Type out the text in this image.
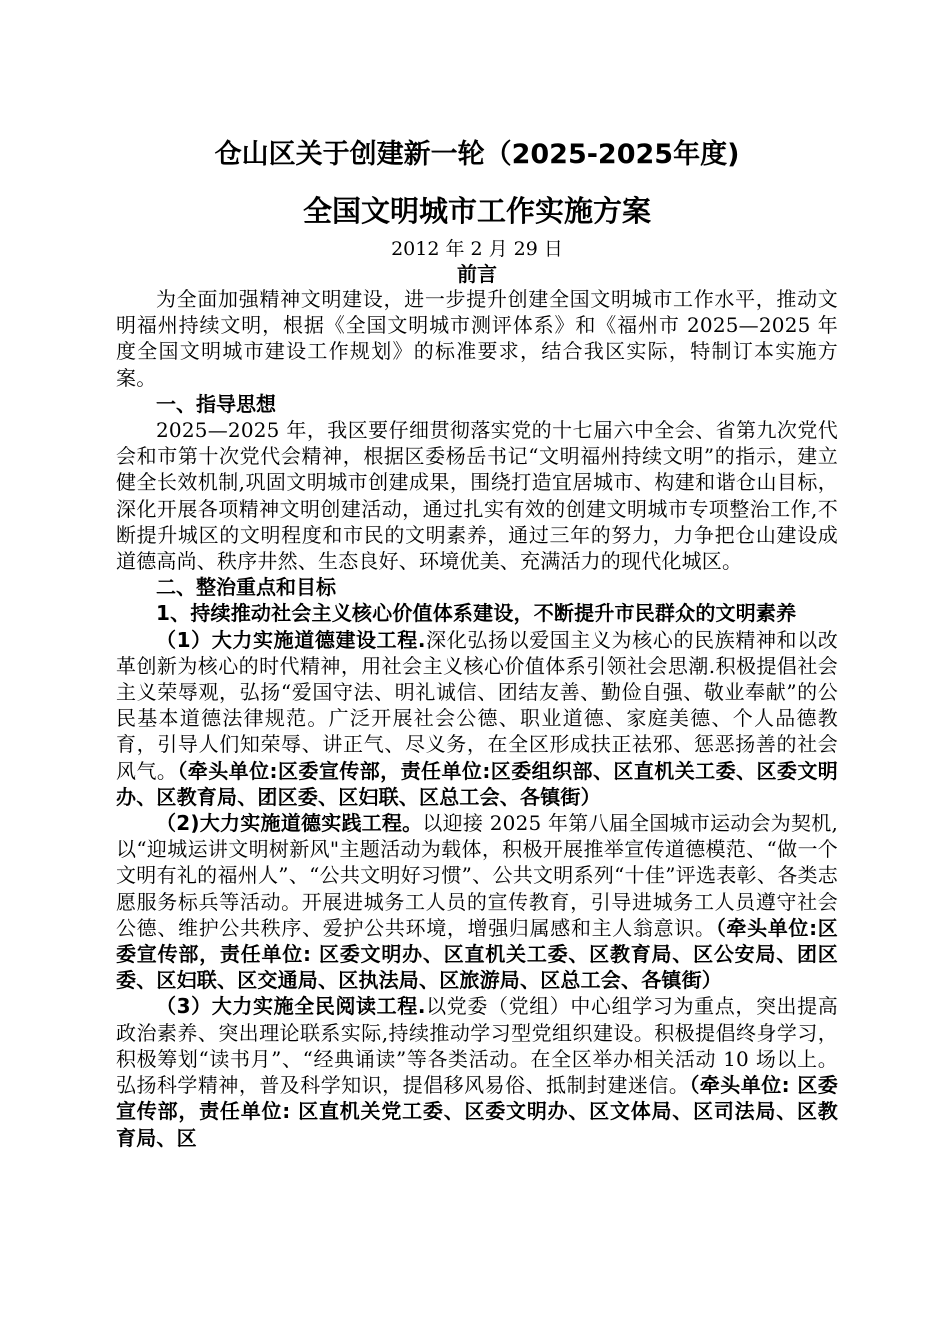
仓山区关于创建新一轮（2025-2025年度)
全国文明城市工作实施方案
2012 年 2 月 29 日
前言

为全面加强精神文明建设，进一步提升创建全国文明城市工作水平，推动文明福州持续文明，根据《全国文明城市测评体系》和《福州市 2025—2025 年度全国文明城市建设工作规划》的标准要求，结合我区实际，特制订本实施方案。

一、指导思想

2025—2025 年，我区要仔细贯彻落实党的十七届六中全会、省第九次党代会和市第十次党代会精神，根据区委杨岳书记“文明福州持续文明”的指示，建立健全长效机制,巩固文明城市创建成果，围绕打造宜居城市、构建和谐仓山目标，深化开展各项精神文明创建活动，通过扎实有效的创建文明城市专项整治工作,不断提升城区的文明程度和市民的文明素养，通过三年的努力，力争把仓山建设成道德高尚、秩序井然、生态良好、环境优美、充满活力的现代化城区。

二、整治重点和目标

1、持续推动社会主义核心价值体系建设，不断提升市民群众的文明素养

（1）大力实施道德建设工程.深化弘扬以爱国主义为核心的民族精神和以改革创新为核心的时代精神，用社会主义核心价值体系引领社会思潮.积极提倡社会主义荣辱观，弘扬“爱国守法、明礼诚信、团结友善、勤俭自强、敬业奉献”的公民基本道德法律规范。广泛开展社会公德、职业道德、家庭美德、个人品德教育，引导人们知荣辱、讲正气、尽义务，在全区形成扶正祛邪、惩恶扬善的社会风气。（牵头单位:区委宣传部，责任单位:区委组织部、区直机关工委、区委文明办、区教育局、团区委、区妇联、区总工会、各镇街）

（2)大力实施道德实践工程。以迎接 2025 年第八届全国城市运动会为契机,以“迎城运讲文明树新风"主题活动为载体，积极开展推举宣传道德模范、“做一个文明有礼的福州人”、“公共文明好习惯”、公共文明系列“十佳”评选表彰、各类志愿服务标兵等活动。开展进城务工人员的宣传教育，引导进城务工人员遵守社会公德、维护公共秩序、爱护公共环境，增强归属感和主人翁意识。（牵头单位:区委宣传部，责任单位: 区委文明办、区直机关工委、区教育局、区公安局、团区委、区妇联、区交通局、区执法局、区旅游局、区总工会、各镇街）

（3）大力实施全民阅读工程.以党委（党组）中心组学习为重点，突出提高政治素养、突出理论联系实际,持续推动学习型党组织建设。积极提倡终身学习，积极筹划“读书月”、“经典诵读”等各类活动。在全区举办相关活动 10 场以上。弘扬科学精神，普及科学知识，提倡移风易俗、抵制封建迷信。（牵头单位: 区委宣传部，责任单位: 区直机关党工委、区委文明办、区文体局、区司法局、区教育局、区
